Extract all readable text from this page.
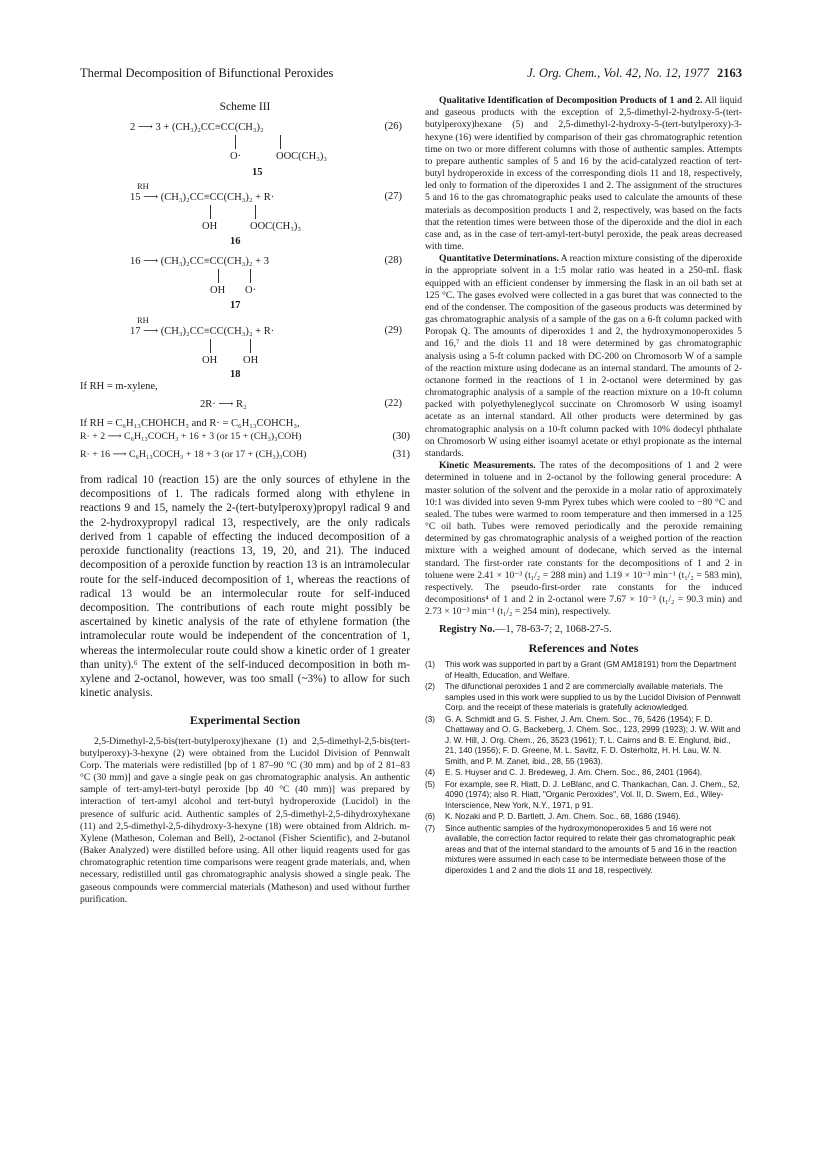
Thermal Decomposition of Bifunctional Peroxides	J. Org. Chem., Vol. 42, No. 12, 1977 2163
Scheme III
2 ⟶ 3 + (CH₃)₂CC≡CC(CH₃)₂	(26)
O·	OOC(CH₃)₃
15
RH
15 ⟶ (CH₃)₂CC≡CC(CH₃)₂ + R·	(27)
OH	OOC(CH₃)₃
16
16 ⟶ (CH₃)₂CC≡CC(CH₃)₂ + 3	(28)
OH O·
17
RH
17 ⟶ (CH₃)₂CC≡CC(CH₃)₂ + R·	(29)
OH OH
18
If RH = m-xylene,
2R· ⟶ R₂	(22)
If RH = C₆H₁₃CHOHCH₃ and R· = C₆H₁₃COHCH₃,
R· + 2 ⟶ C₆H₁₃COCH₃ + 16 + 3 (or 15 + (CH₃)₃COH)	(30)
R· + 16 ⟶ C₆H₁₃COCH₃ + 18 + 3 (or 17 + (CH₃)₃COH)	(31)

from radical 10 (reaction 15) are the only sources of ethylene in the decompositions of 1. The radicals formed along with ethylene in reactions 9 and 15, namely the 2-(tert-butylperoxy)propyl radical 9 and the 2-hydroxypropyl radical 13, respectively, are the only radicals derived from 1 capable of effecting the induced decomposition of a peroxide functionality (reactions 13, 19, 20, and 21). The induced decomposition of a peroxide function by reaction 13 is an intramolecular route for the self-induced decomposition of 1, whereas the reactions of radical 13 would be an intermolecular route for self-induced decomposition. The contributions of each route might possibly be ascertained by kinetic analysis of the rate of ethylene formation (the intramolecular route would be independent of the concentration of 1, whereas the intermolecular route could show a kinetic order of 1 greater than unity).⁶ The extent of the self-induced decomposition in both m-xylene and 2-octanol, however, was too small (~3%) to allow for such kinetic analysis.

Experimental Section

2,5-Dimethyl-2,5-bis(tert-butylperoxy)hexane (1) and 2,5-dimethyl-2,5-bis(tert-butylperoxy)-3-hexyne (2) were obtained from the Lucidol Division of Pennwalt Corp. The materials were redistilled [bp of 1 87–90 °C (30 mm) and bp of 2 81–83 °C (30 mm)] and gave a single peak on gas chromatographic analysis. An authentic sample of tert-amyl-tert-butyl peroxide [bp 40 °C (40 mm)] was prepared by interaction of tert-amyl alcohol and tert-butyl hydroperoxide (Lucidol) in the presence of sulfuric acid. Authentic samples of 2,5-dimethyl-2,5-dihydroxyhexane (11) and 2,5-dimethyl-2,5-dihydroxy-3-hexyne (18) were obtained from Aldrich. m-Xylene (Matheson, Coleman and Bell), 2-octanol (Fisher Scientific), and 2-butanol (Baker Analyzed) were distilled before using. All other liquid reagents used for gas chromatographic retention time comparisons were reagent grade materials, and, when necessary, redistilled until gas chromatographic analysis showed a single peak. The gaseous compounds were commercial materials (Matheson) and used without further purification.

Qualitative Identification of Decomposition Products of 1 and 2. All liquid and gaseous products with the exception of 2,5-dimethyl-2-hydroxy-5-(tert-butylperoxy)hexane (5) and 2,5-dimethyl-2-hydroxy-5-(tert-butylperoxy)-3-hexyne (16) were identified by comparison of their gas chromatographic retention time on two or more different columns with those of authentic samples. Attempts to prepare authentic samples of 5 and 16 by the acid-catalyzed reaction of tert-butyl hydroperoxide in excess of the corresponding diols 11 and 18, respectively, led only to formation of the diperoxides 1 and 2. The assignment of the structures 5 and 16 to the gas chromatographic peaks used to calculate the amounts of these materials as decomposition products 1 and 2, respectively, was based on the facts that the retention times were between those of the diperoxide and the diol in each case and, as in the case of tert-amyl-tert-butyl peroxide, the peak areas decreased with time.

Quantitative Determinations. A reaction mixture consisting of the diperoxide in the appropriate solvent in a 1:5 molar ratio was heated in a 250-mL flask equipped with an efficient condenser by immersing the flask in an oil bath set at 125 °C. The gases evolved were collected in a gas buret that was connected to the end of the condenser. The composition of the gaseous products was determined by gas chromatographic analysis of a sample of the gas on a 6-ft column packed with Poropak Q. The amounts of diperoxides 1 and 2, the hydroxymonoperoxides 5 and 16,⁷ and the diols 11 and 18 were determined by gas chromatographic analysis using a 5-ft column packed with DC-200 on Chromosorb W of a sample of the reaction mixture using dodecane as an internal standard. The amounts of 2-octanone formed in the reactions of 1 in 2-octanol were determined by gas chromatographic analysis of a sample of the reaction mixture on a 10-ft column packed with polyethyleneglycol succinate on Chromosorb W using isoamyl acetate as an internal standard. All other products were determined by gas chromatographic analysis on a 10-ft column packed with 10% dodecyl phthalate on Chromosorb W using either isoamyl acetate or ethyl propionate as the internal standards.

Kinetic Measurements. The rates of the decompositions of 1 and 2 were determined in toluene and in 2-octanol by the following general procedure: A master solution of the solvent and the peroxide in a molar ratio of approximately 10:1 was divided into seven 9-mm Pyrex tubes which were cooled to −80 °C and sealed. The tubes were warmed to room temperature and then immersed in a 125 °C oil bath. Tubes were removed periodically and the peroxide remaining determined by gas chromatographic analysis of a weighed portion of the reaction mixture with a weighed amount of dodecane, which served as the internal standard. The first-order rate constants for the decompositions of 1 and 2 in toluene were 2.41 × 10⁻³ (t₁/₂ = 288 min) and 1.19 × 10⁻³ min⁻¹ (t₁/₂ = 583 min), respectively. The pseudo-first-order rate constants for the induced decompositions⁴ of 1 and 2 in 2-octanol were 7.67 × 10⁻³ (t₁/₂ = 90.3 min) and 2.73 × 10⁻³ min⁻¹ (t₁/₂ = 254 min), respectively.

Registry No.—1, 78-63-7; 2, 1068-27-5.
References and Notes
(1)	This work was supported in part by a Grant (GM AM18191) from the Department of Health, Education, and Welfare.
(2)	The difunctional peroxides 1 and 2 are commercially available materials. The samples used in this work were supplied to us by the Lucidol Division of Pennwalt Corp. and the receipt of these materials is gratefully acknowledged.
(3)	G. A. Schmidt and G. S. Fisher, J. Am. Chem. Soc., 76, 5426 (1954); F. D. Chattaway and O. G. Backeberg, J. Chem. Soc., 123, 2999 (1923); J. W. Wilt and J. W. Hill, J. Org. Chem., 26, 3523 (1961); T. L. Cairns and B. E. Englund, ibid., 21, 140 (1956); F. D. Greene, M. L. Savitz, F. D. Osterholtz, H. H. Lau, W. N. Smith, and P. M. Zanet, ibid., 28, 55 (1963).
(4)	E. S. Huyser and C. J. Bredeweg, J. Am. Chem. Soc., 86, 2401 (1964).
(5)	For example, see R. Hiatt, D. J. LeBlanc, and C. Thankachan, Can. J. Chem., 52, 4090 (1974); also R. Hiatt, "Organic Peroxides", Vol. II, D. Swern, Ed., Wiley-Interscience, New York, N.Y., 1971, p 91.
(6)	K. Nozaki and P. D. Bartlett, J. Am. Chem. Soc., 68, 1686 (1946).
(7)	Since authentic samples of the hydroxymonoperoxides 5 and 16 were not available, the correction factor required to relate their gas chromatographic peak areas and that of the internal standard to the amounts of 5 and 16 in the reaction mixtures were assumed in each case to be intermediate between those of the diperoxides 1 and 2 and the diols 11 and 18, respectively.
